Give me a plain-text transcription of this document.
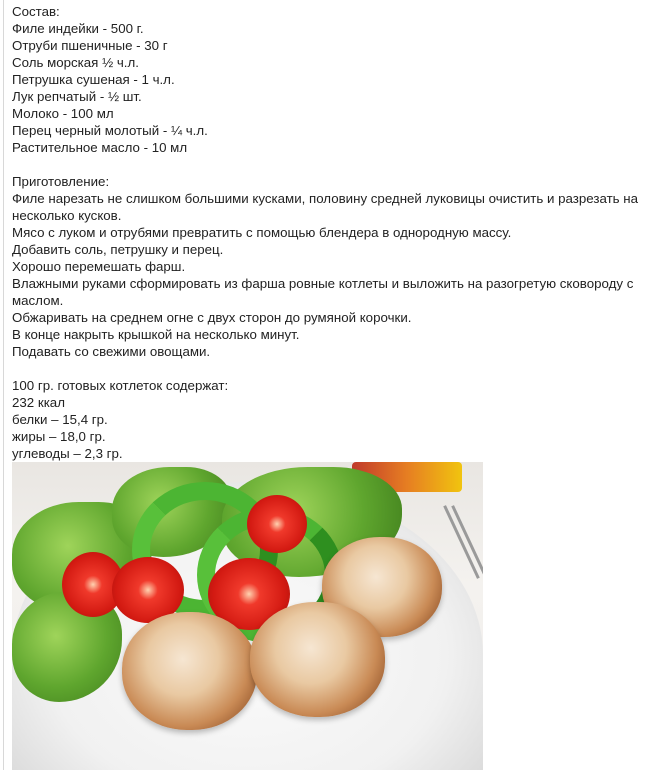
Состав:
Филе индейки - 500 г.
Отруби пшеничные - 30 г
Соль морская ½ ч.л.
Петрушка сушеная - 1 ч.л.
Лук репчатый - ½ шт.
Молоко - 100 мл
Перец черный молотый - ¼ ч.л.
Растительное масло - 10 мл
Приготовление:
Филе нарезать не слишком большими кусками, половину средней луковицы очистить и разрезать на несколько кусков.
Мясо с луком и отрубями превратить с помощью блендера в однородную массу.
Добавить соль, петрушку и перец.
Хорошо перемешать фарш.
Влажными руками сформировать из фарша ровные котлеты и выложить на разогретую сковороду с маслом.
Обжаривать на среднем огне с двух сторон до румяной корочки.
В конце накрыть крышкой на несколько минут.
Подавать со свежими овощами.
100 гр. готовых котлеток содержат:
232 ккал
белки – 15,4 гр.
жиры – 18,0 гр.
углеводы – 2,3 гр.
